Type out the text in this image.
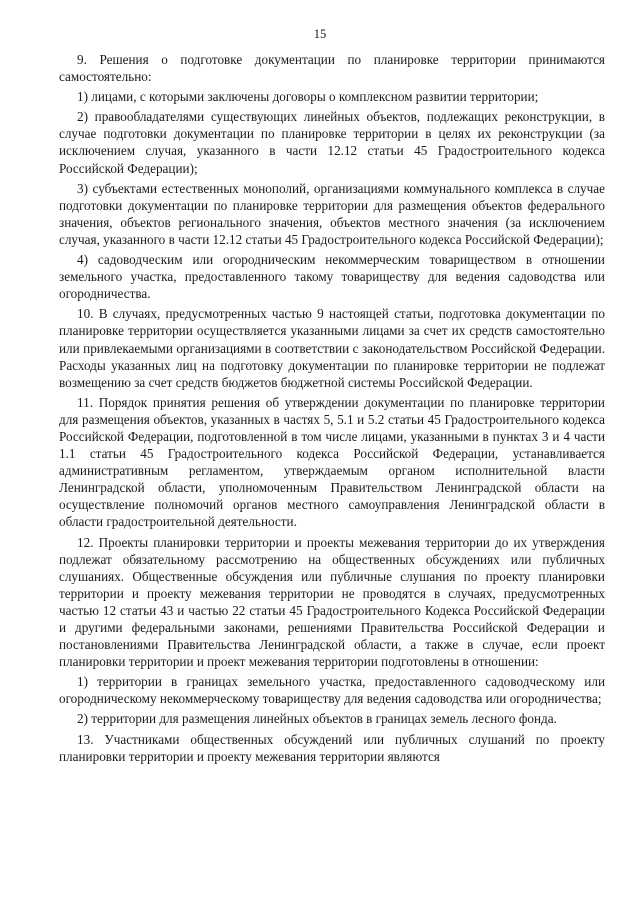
15

9. Решения о подготовке документации по планировке территории принимаются самостоятельно:

1) лицами, с которыми заключены договоры о комплексном развитии территории;

2) правообладателями существующих линейных объектов, подлежащих реконструкции, в случае подготовки документации по планировке территории в целях их реконструкции (за исключением случая, указанного в части 12.12 статьи 45 Градостроительного кодекса Российской Федерации);

3) субъектами естественных монополий, организациями коммунального комплекса в случае подготовки документации по планировке территории для размещения объектов федерального значения, объектов регионального значения, объектов местного значения (за исключением случая, указанного в части 12.12 статьи 45 Градостроительного кодекса Российской Федерации);

4) садоводческим или огородническим некоммерческим товариществом в отношении земельного участка, предоставленного такому товариществу для ведения садоводства или огородничества.

10. В случаях, предусмотренных частью 9 настоящей статьи, подготовка документации по планировке территории осуществляется указанными лицами за счет их средств самостоятельно или привлекаемыми организациями в соответствии с законодательством Российской Федерации. Расходы указанных лиц на подготовку документации по планировке территории не подлежат возмещению за счет средств бюджетов бюджетной системы Российской Федерации.

11. Порядок принятия решения об утверждении документации по планировке территории для размещения объектов, указанных в частях 5, 5.1 и 5.2 статьи 45 Градостроительного кодекса Российской Федерации, подготовленной в том числе лицами, указанными в пунктах 3 и 4 части 1.1 статьи 45 Градостроительного кодекса Российской Федерации, устанавливается административным регламентом, утверждаемым органом исполнительной власти Ленинградской области, уполномоченным Правительством Ленинградской области на осуществление полномочий органов местного самоуправления Ленинградской области в области градостроительной деятельности.

12. Проекты планировки территории и проекты межевания территории до их утверждения подлежат обязательному рассмотрению на общественных обсуждениях или публичных слушаниях. Общественные обсуждения или публичные слушания по проекту планировки территории и проекту межевания территории не проводятся в случаях, предусмотренных частью 12 статьи 43 и частью 22 статьи 45 Градостроительного Кодекса Российской Федерации и другими федеральными законами, решениями Правительства Российской Федерации и постановлениями Правительства Ленинградской области, а также в случае, если проект планировки территории и проект межевания территории подготовлены в отношении:

1) территории в границах земельного участка, предоставленного садоводческому или огородническому некоммерческому товариществу для ведения садоводства или огородничества;

2) территории для размещения линейных объектов в границах земель лесного фонда.

13. Участниками общественных обсуждений или публичных слушаний по проекту планировки территории и проекту межевания территории являются
